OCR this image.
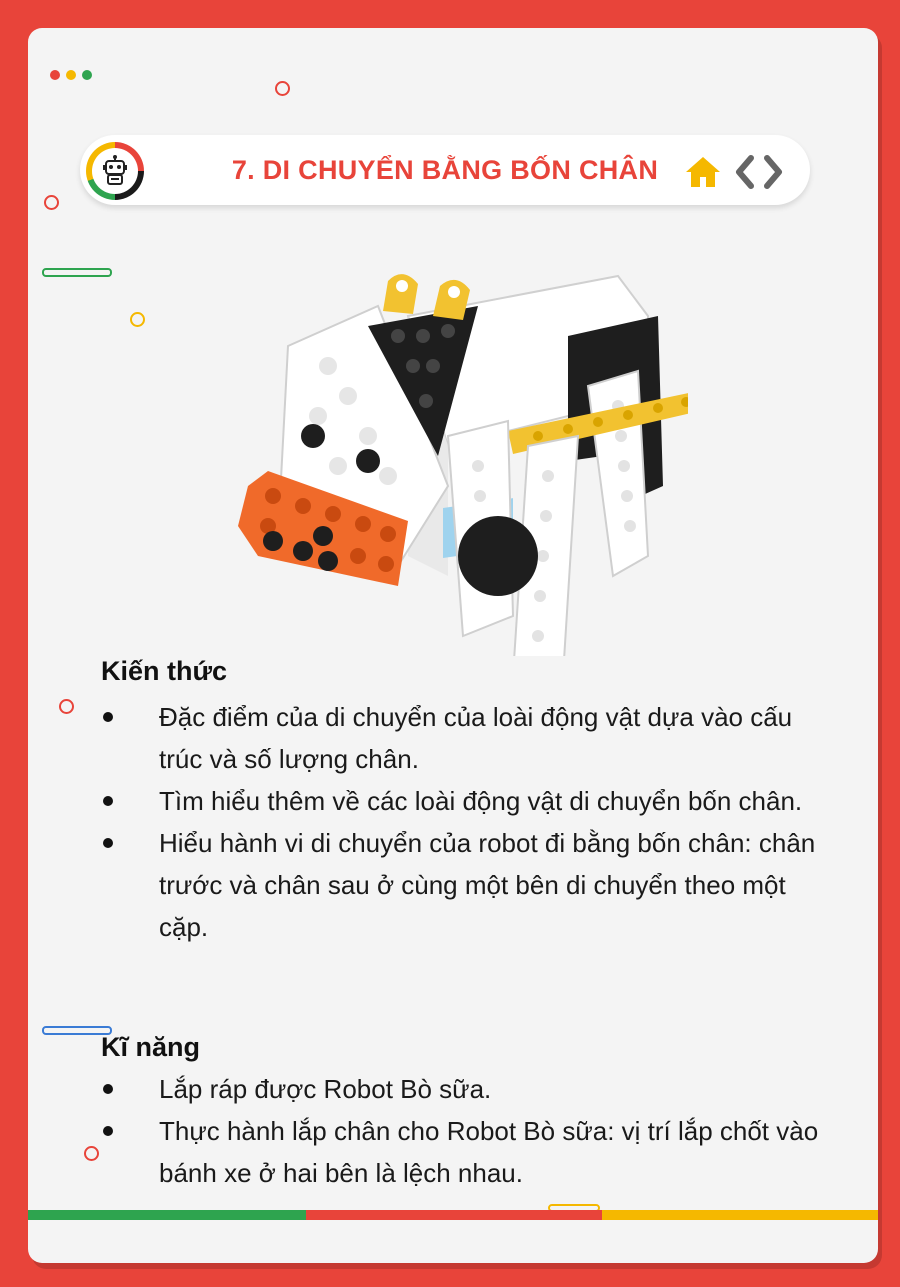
7. DI CHUYỂN BẰNG BỐN CHÂN
Kiến thức
Đặc điểm của di chuyển của loài động vật dựa vào cấu trúc và số lượng chân.
Tìm hiểu thêm về các loài động vật di chuyển bốn chân.
Hiểu hành vi di chuyển của robot đi bằng bốn chân: chân trước và chân sau ở cùng một bên di chuyển theo một cặp.
Kĩ năng
Lắp ráp được Robot Bò sữa.
Thực hành lắp chân cho Robot Bò sữa: vị trí lắp chốt vào bánh xe ở hai bên là lệch nhau.
